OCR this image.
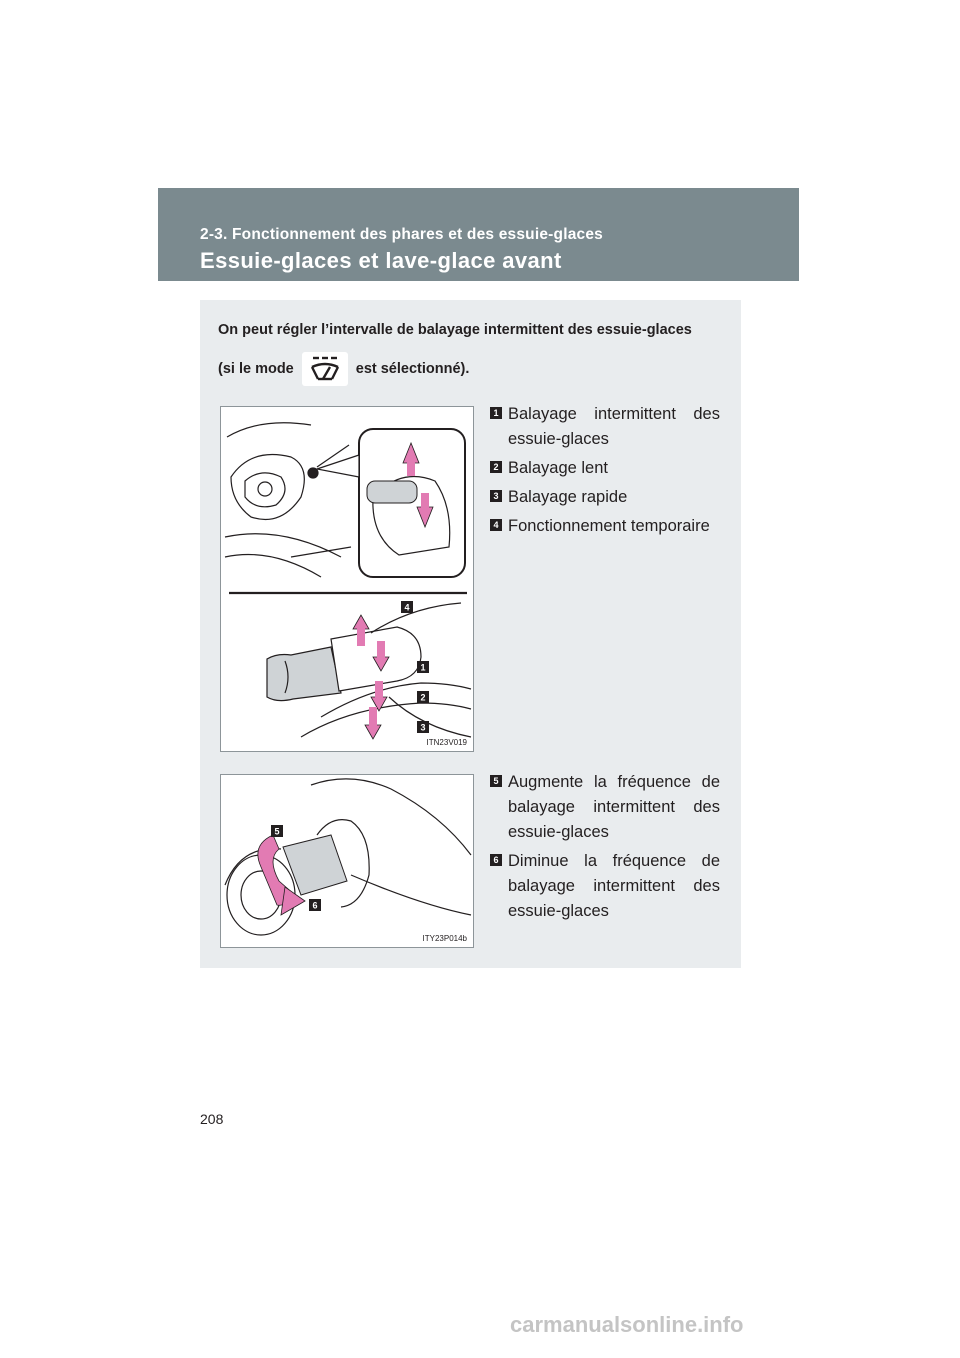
2-3. Fonctionnement des phares et des essuie-glaces
Essuie-glaces et lave-glace avant
On peut régler l’intervalle de balayage intermittent des essuie-glaces
(si le mode	est sélectionné).
4
1
2
3
ITN23V019
5
6
ITY23P014b
1 Balayage intermittent des essuie-glaces
2 Balayage lent
3 Balayage rapide
4 Fonctionnement temporaire
5 Augmente la fréquence de balayage intermittent des essuie-glaces
6 Diminue la fréquence de balayage intermittent des essuie-glaces
208
carmanualsonline.info
